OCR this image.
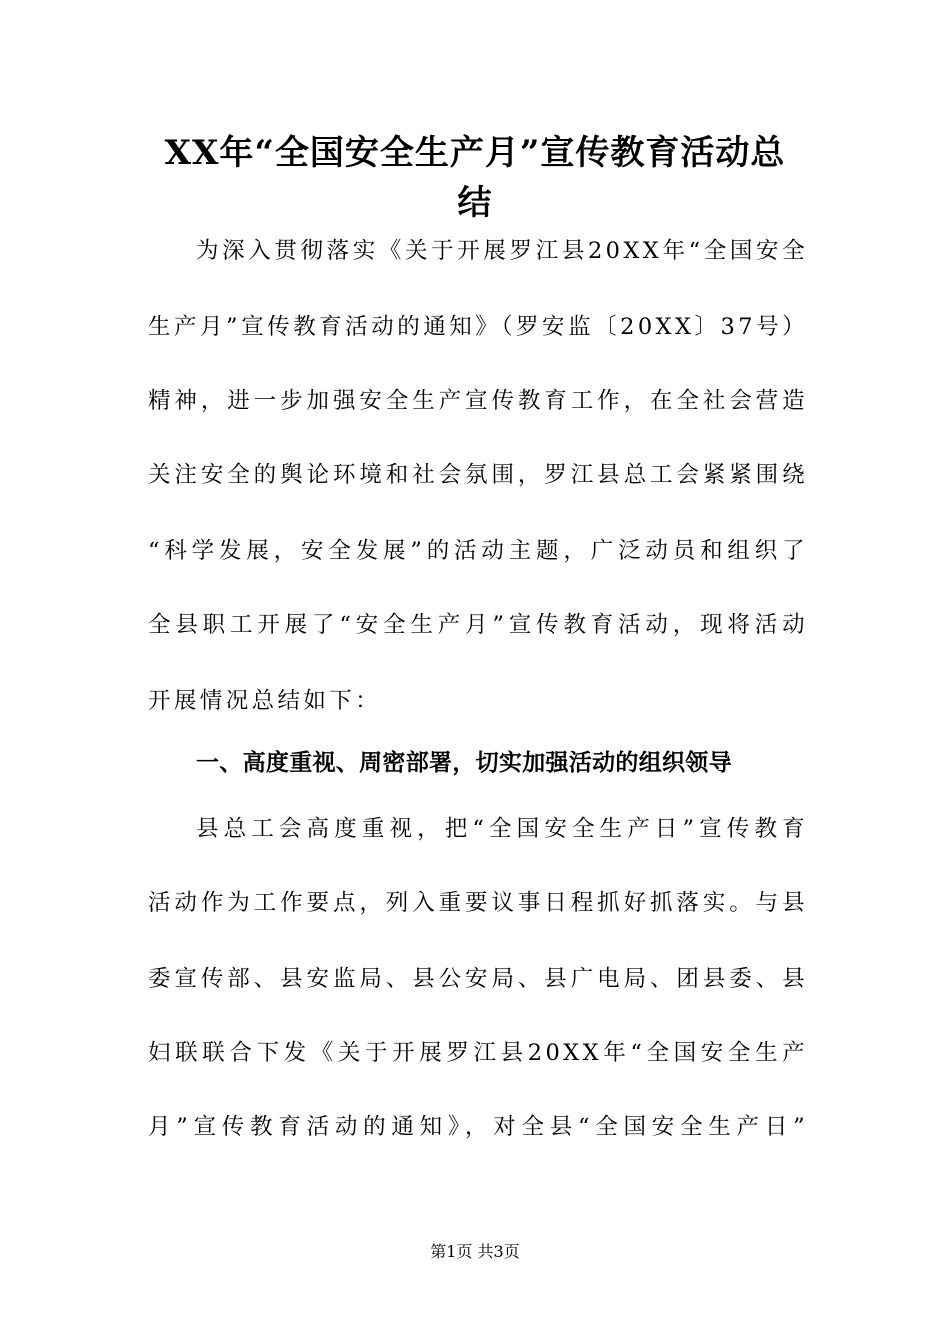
XX年“全国安全生产月”宣传教育活动总
结

为深入贯彻落实《关于开展罗江县20XX年“全国安全

生产月”宣传教育活动的通知》（罗安监〔20XX〕37号）

精神，进一步加强安全生产宣传教育工作，在全社会营造

关注安全的舆论环境和社会氛围，罗江县总工会紧紧围绕

“科学发展，安全发展”的活动主题，广泛动员和组织了

全县职工开展了“安全生产月”宣传教育活动，现将活动

开展情况总结如下：

一、高度重视、周密部署，切实加强活动的组织领导

县总工会高度重视，把“全国安全生产日”宣传教育

活动作为工作要点，列入重要议事日程抓好抓落实。与县

委宣传部、县安监局、县公安局、县广电局、团县委、县

妇联联合下发《关于开展罗江县20XX年“全国安全生产

月”宣传教育活动的通知》，对全县“全国安全生产日”

第1页 共3页
